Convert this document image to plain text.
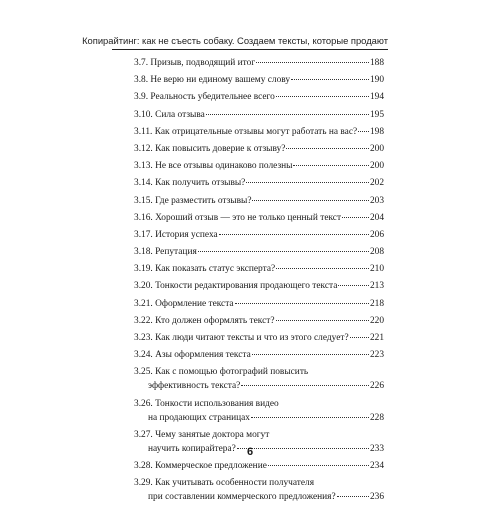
Копирайтинг: как не съесть собаку. Создаем тексты, которые продают
3.7. Призыв, подводящий итог	188
3.8. Не верю ни единому вашему слову	190
3.9. Реальность убедительнее всего	194
3.10. Сила отзыва	195
3.11. Как отрицательные отзывы могут работать на вас? 198
3.12. Как повысить доверие к отзыву?	200
3.13. Не все отзывы одинаково полезны	200
3.14. Как получить отзывы?	202
3.15. Где разместить отзывы?	203
3.16. Хороший отзыв — это не только ценный текст	204
3.17. История успеха	206
3.18. Репутация	208
3.19. Как показать статус эксперта?	210
3.20. Тонкости редактирования продающего текста	213
3.21. Оформление текста	218
3.22. Кто должен оформлять текст?	220
3.23. Как люди читают тексты и что из этого следует? 221
3.24. Азы оформления текста	223
3.25. Как с помощью фотографий повысить
эффективность текста?	226
3.26. Тонкости использования видео
на продающих страницах	228
3.27. Чему занятые доктора могут
научить копирайтера?	233
3.28. Коммерческое предложение	234
3.29. Как учитывать особенности получателя
при составлении коммерческого предложения?	236
6
